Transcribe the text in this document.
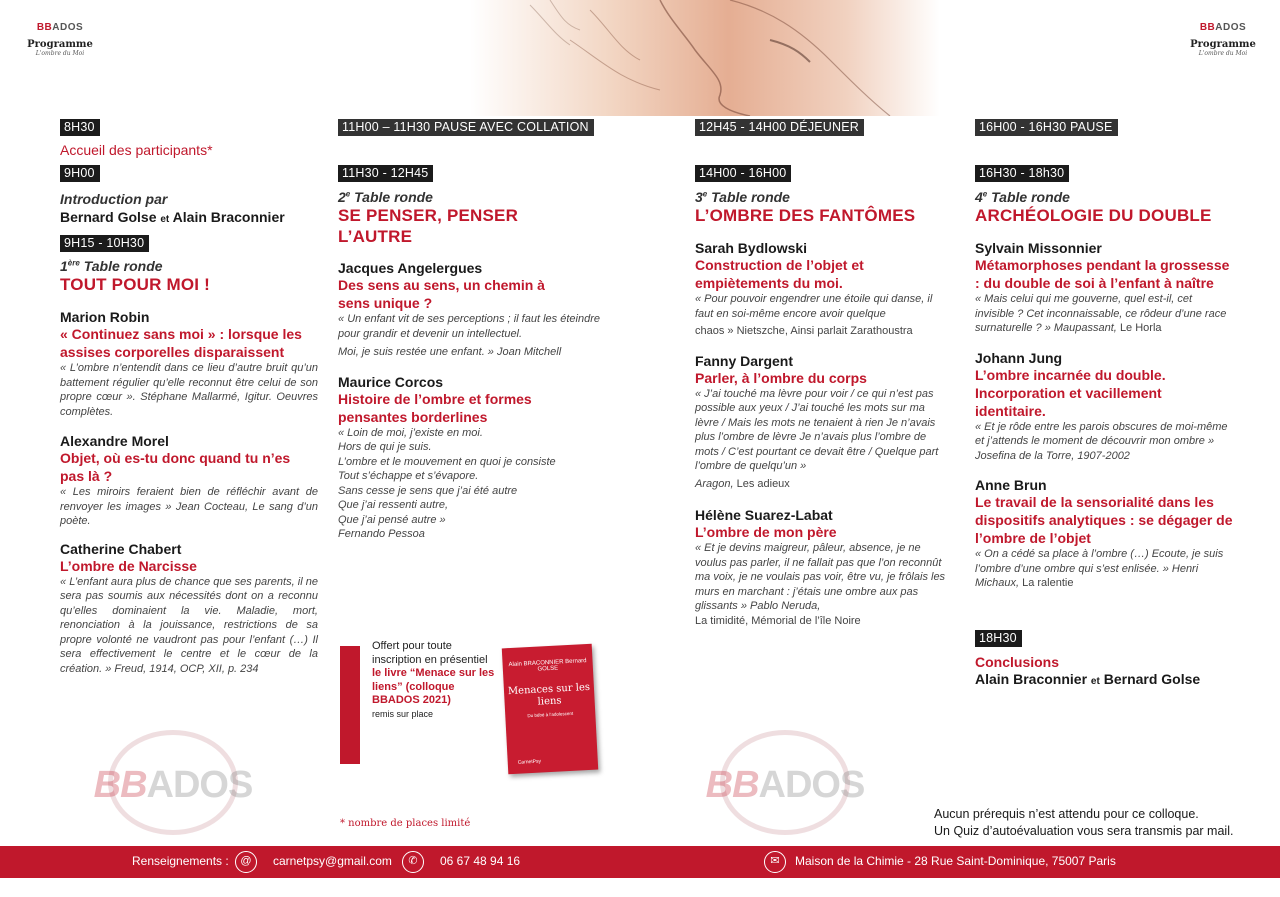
BBADOS
Programme
L'ombre du Moi
BBADOS
Programme
L'ombre du Moi
8H30
Accueil des participants*
9H00
Introduction par
Bernard Golse et Alain Braconnier
9H15 - 10H30
1ère Table ronde
TOUT POUR MOI !
Marion Robin
« Continuez sans moi » : lorsque les assises corporelles disparaissent
« L’ombre n’entendit dans ce lieu d’autre bruit qu’un battement régulier qu’elle reconnut être celui de son propre cœur ». Stéphane Mallarmé, Igitur. Oeuvres complètes.
Alexandre Morel
Objet, où es-tu donc quand tu n’es pas là ?
« Les miroirs feraient bien de réfléchir avant de renvoyer les images » Jean Cocteau, Le sang d’un poète.
Catherine Chabert
L’ombre de Narcisse
« L’enfant aura plus de chance que ses parents, il ne sera pas soumis aux nécessités dont on a reconnu qu’elles dominaient la vie. Maladie, mort, renonciation à la jouissance, restrictions de sa propre volonté ne vaudront pas pour l’enfant (…) Il sera effectivement le centre et le cœur de la création. » Freud, 1914, OCP, XII, p. 234
11H00 – 11H30 PAUSE AVEC COLLATION
11H30 - 12H45
2e Table ronde
SE PENSER, PENSER L’AUTRE
Jacques Angelergues
Des sens au sens, un chemin à sens unique ?
« Un enfant vit de ses perceptions ; il faut les éteindre pour grandir et devenir un intellectuel.
Moi, je suis restée une enfant. » Joan Mitchell
Maurice Corcos
Histoire de l’ombre et formes pensantes borderlines
« Loin de moi, j’existe en moi.
Hors de qui je suis.
L’ombre et le mouvement en quoi je consiste
Tout s’échappe et s’évapore.
Sans cesse je sens que j’ai été autre
Que j’ai ressenti autre,
Que j’ai pensé autre »
Fernando Pessoa
Offert pour toute inscription en présentiel
le livre “Menace sur les liens” (colloque BBADOS 2021)
remis sur place
Alain BRACONNIER Bernard GOLSE
Menaces sur les liens
Du bébé à l’adolescent
CarnetPsy
* nombre de places limité
12H45 - 14H00 DÉJEUNER
14H00 - 16H00
3e Table ronde
L’OMBRE DES FANTÔMES
Sarah Bydlowski
Construction de l’objet et empiètements du moi.
« Pour pouvoir engendrer une étoile qui danse, il faut en soi-même encore avoir quelque
chaos » Nietszche, Ainsi parlait Zarathoustra
Fanny Dargent
Parler, à l’ombre du corps
« J’ai touché ma lèvre pour voir / ce qui n’est pas possible aux yeux / J’ai touché les mots sur ma lèvre / Mais les mots ne tenaient à rien Je n’avais plus l’ombre de lèvre Je n’avais plus l’ombre de mots / C’est pourtant ce devait être / Quelque part l’ombre de quelqu’un »
Aragon, Les adieux
Hélène Suarez-Labat
L’ombre de mon père
« Et je devins maigreur, pâleur, absence, je ne voulus pas parler, il ne fallait pas que l’on reconnût ma voix, je ne voulais pas voir, être vu, je frôlais les murs en marchant : j’étais une ombre aux pas glissants » Pablo Neruda,
La timidité, Mémorial de l’île Noire
16H00 - 16H30 PAUSE
16H30 - 18h30
4e Table ronde
ARCHÉOLOGIE DU DOUBLE
Sylvain Missonnier
Métamorphoses pendant la grossesse : du double de soi à l’enfant à naître
« Mais celui qui me gouverne, quel est-il, cet invisible ? Cet inconnaissable, ce rôdeur d’une race surnaturelle ? » Maupassant, Le Horla
Johann Jung
L’ombre incarnée du double. Incorporation et vacillement identitaire.
« Et je rôde entre les parois obscures de moi-même et j’attends le moment de découvrir mon ombre » Josefina de la Torre, 1907-2002
Anne Brun
Le travail de la sensorialité dans les dispositifs analytiques : se dégager de l’ombre de l’objet
« On a cédé sa place à l’ombre (…) Ecoute, je suis l’ombre d’une ombre qui s’est enlisée. » Henri Michaux, La ralentie
18H30
Conclusions
Alain Braconnier et Bernard Golse
BBADOS	BBADOS
Aucun prérequis n’est attendu pour ce colloque.
Un Quiz d’autoévaluation vous sera transmis par mail.
Renseignements :	@	carnetpsy@gmail.com	✆	06 67 48 94 16	✉	Maison de la Chimie - 28 Rue Saint-Dominique, 75007 Paris
